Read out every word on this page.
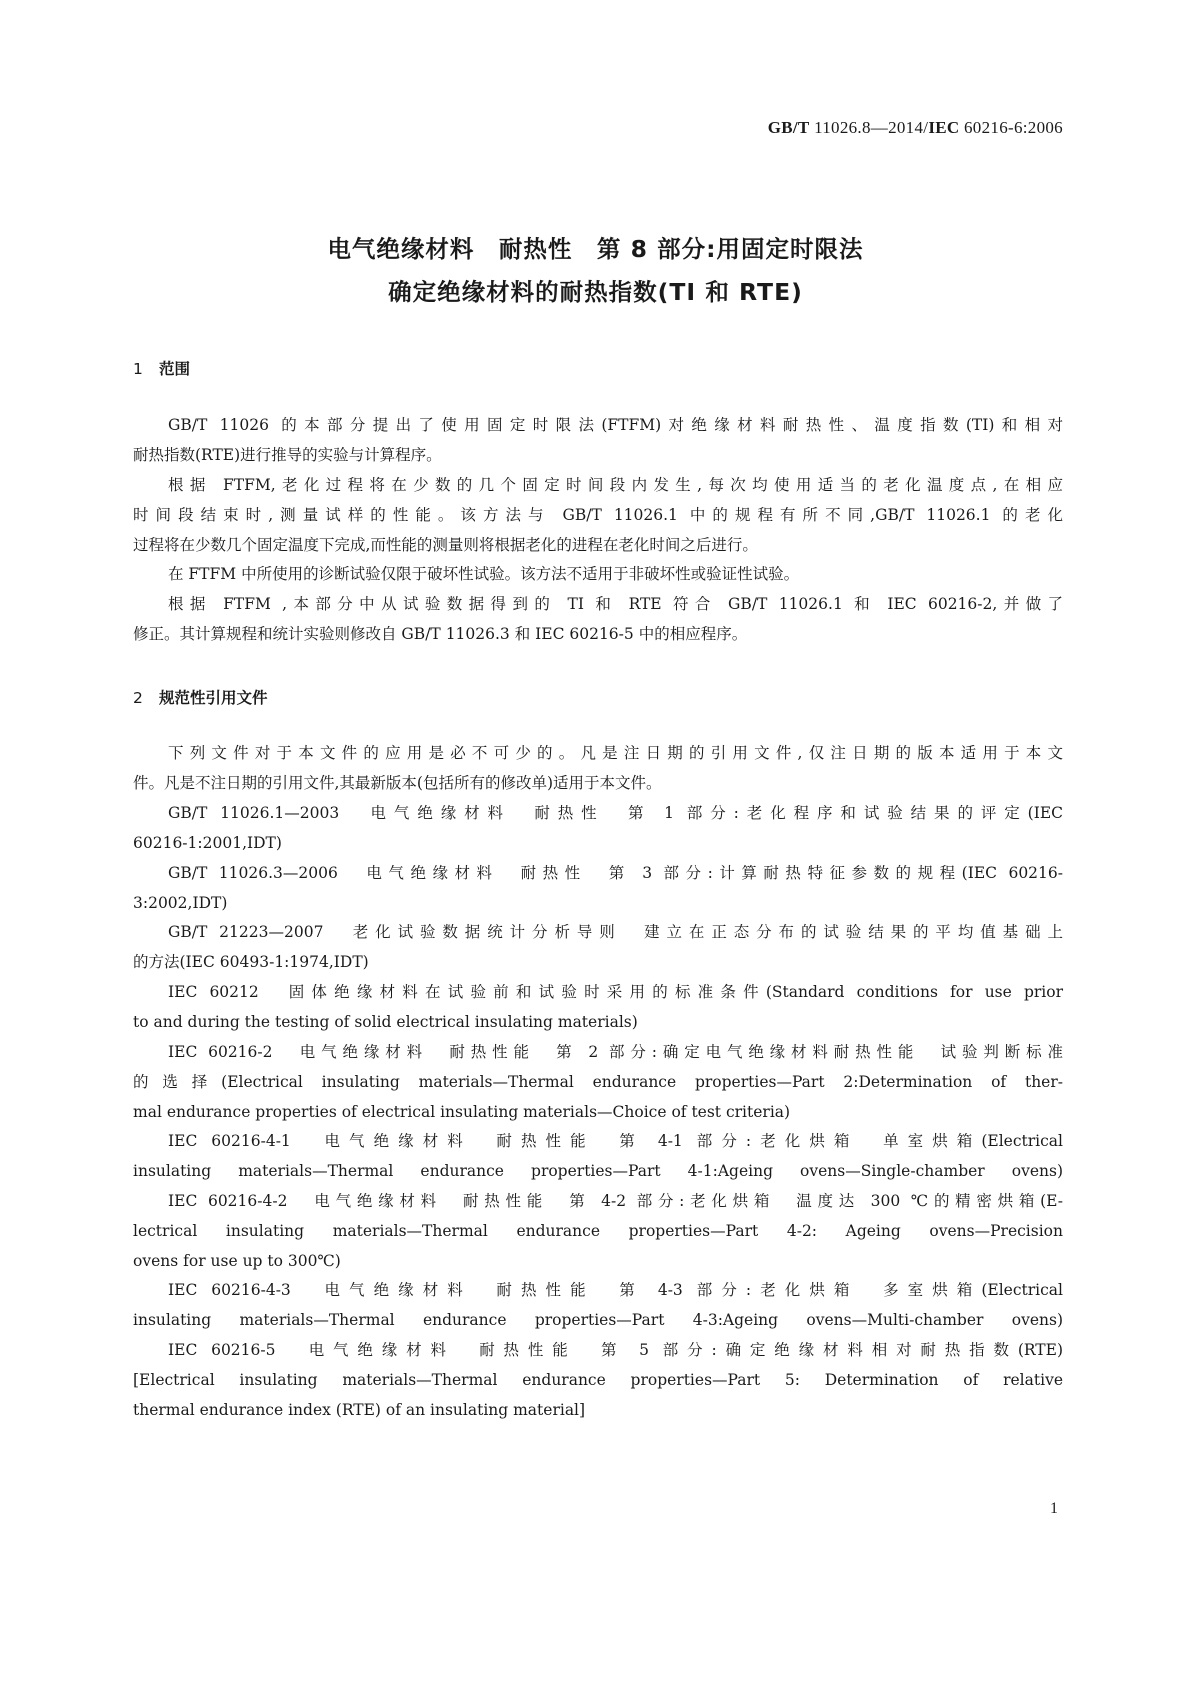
GB/T 11026.8—2014/IEC 60216-6:2006
电气绝缘材料　耐热性　第 8 部分:用固定时限法
确定绝缘材料的耐热指数(TI 和 RTE)
1 范围
GB/T 11026 的本部分提出了使用固定时限法(FTFM)对绝缘材料耐热性、温度指数(TI)和相对
耐热指数(RTE)进行推导的实验与计算程序。
根据 FTFM,老化过程将在少数的几个固定时间段内发生,每次均使用适当的老化温度点,在相应
时间段结束时,测量试样的性能。该方法与 GB/T 11026.1 中的规程有所不同,GB/T 11026.1 的老化
过程将在少数几个固定温度下完成,而性能的测量则将根据老化的进程在老化时间之后进行。
在 FTFM 中所使用的诊断试验仅限于破坏性试验。该方法不适用于非破坏性或验证性试验。
根据 FTFM ,本部分中从试验数据得到的 TI 和 RTE 符合 GB/T 11026.1 和 IEC 60216-2,并做了
修正。其计算规程和统计实验则修改自 GB/T 11026.3 和 IEC 60216-5 中的相应程序。
2 规范性引用文件
下列文件对于本文件的应用是必不可少的。凡是注日期的引用文件,仅注日期的版本适用于本文
件。凡是不注日期的引用文件,其最新版本(包括所有的修改单)适用于本文件。
GB/T 11026.1—2003　电气绝缘材料　耐热性　第 1 部分:老化程序和试验结果的评定(IEC
60216-1:2001,IDT)
GB/T 11026.3—2006　电气绝缘材料　耐热性　第 3 部分:计算耐热特征参数的规程(IEC 60216-
3:2002,IDT)
GB/T 21223—2007　老化试验数据统计分析导则　建立在正态分布的试验结果的平均值基础上
的方法(IEC 60493-1:1974,IDT)
IEC 60212　固体绝缘材料在试验前和试验时采用的标准条件(Standard conditions for use prior
to and during the testing of solid electrical insulating materials)
IEC 60216-2　电气绝缘材料　耐热性能　第 2 部分:确定电气绝缘材料耐热性能　试验判断标准
的选择(Electrical insulating materials—Thermal endurance properties—Part 2:Determination of ther-
mal endurance properties of electrical insulating materials—Choice of test criteria)
IEC 60216-4-1　电气绝缘材料　耐热性能　第 4-1 部分:老化烘箱　单室烘箱(Electrical
insulating materials—Thermal endurance properties—Part 4-1:Ageing ovens—Single-chamber ovens)
IEC 60216-4-2　电气绝缘材料　耐热性能　第 4-2 部分:老化烘箱　温度达 300 ℃的精密烘箱(E-
lectrical insulating materials—Thermal endurance properties—Part 4-2: Ageing ovens—Precision
ovens for use up to 300℃)
IEC 60216-4-3　电气绝缘材料　耐热性能　第 4-3 部分:老化烘箱　多室烘箱(Electrical
insulating materials—Thermal endurance properties—Part 4-3:Ageing ovens—Multi-chamber ovens)
IEC 60216-5　电气绝缘材料　耐热性能　第 5 部分:确定绝缘材料相对耐热指数(RTE)
[Electrical insulating materials—Thermal endurance properties—Part 5: Determination of relative
thermal endurance index (RTE) of an insulating material]
1
